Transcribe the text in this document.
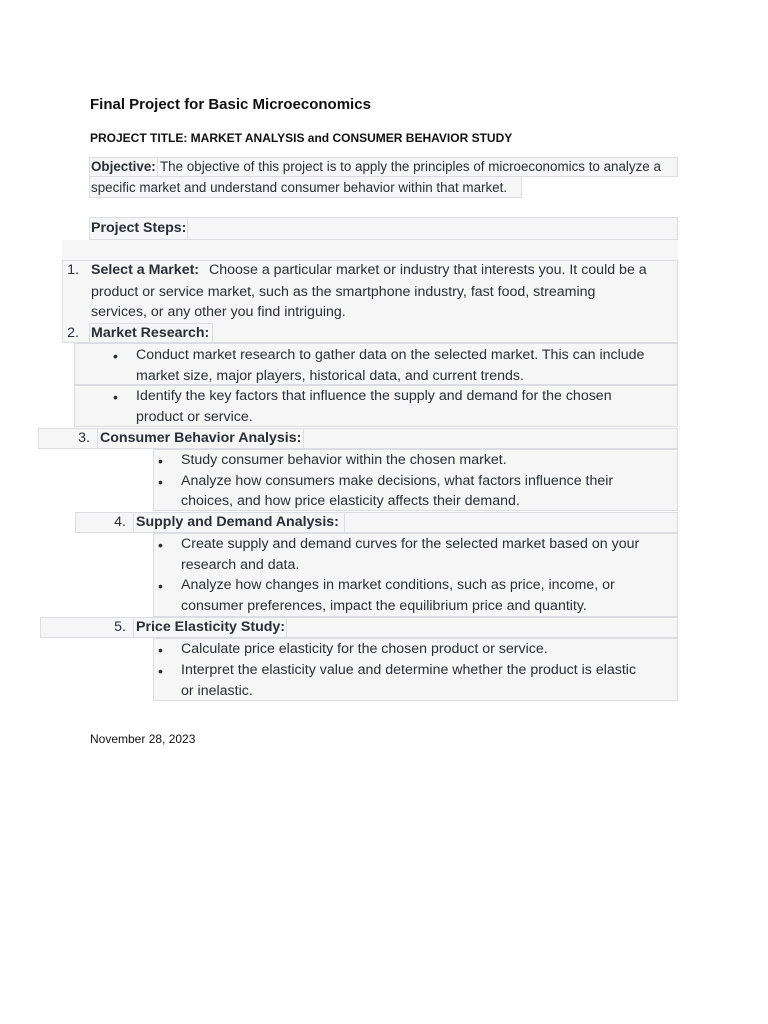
Final Project for Basic Microeconomics
PROJECT TITLE: MARKET ANALYSIS and CONSUMER BEHAVIOR STUDY
Objective: The objective of this project is to apply the principles of microeconomics to analyze a
specific market and understand consumer behavior within that market.
Project Steps:
1. Select a Market: Choose a particular market or industry that interests you. It could be a
product or service market, such as the smartphone industry, fast food, streaming
services, or any other you find intriguing.
2. Market Research:
• Conduct market research to gather data on the selected market. This can include
market size, major players, historical data, and current trends.
• Identify the key factors that influence the supply and demand for the chosen
product or service.
3. Consumer Behavior Analysis:
• Study consumer behavior within the chosen market.
• Analyze how consumers make decisions, what factors influence their
choices, and how price elasticity affects their demand.
4. Supply and Demand Analysis:
• Create supply and demand curves for the selected market based on your
research and data.
• Analyze how changes in market conditions, such as price, income, or
consumer preferences, impact the equilibrium price and quantity.
5. Price Elasticity Study:
• Calculate price elasticity for the chosen product or service.
• Interpret the elasticity value and determine whether the product is elastic
or inelastic.
November 28, 2023
